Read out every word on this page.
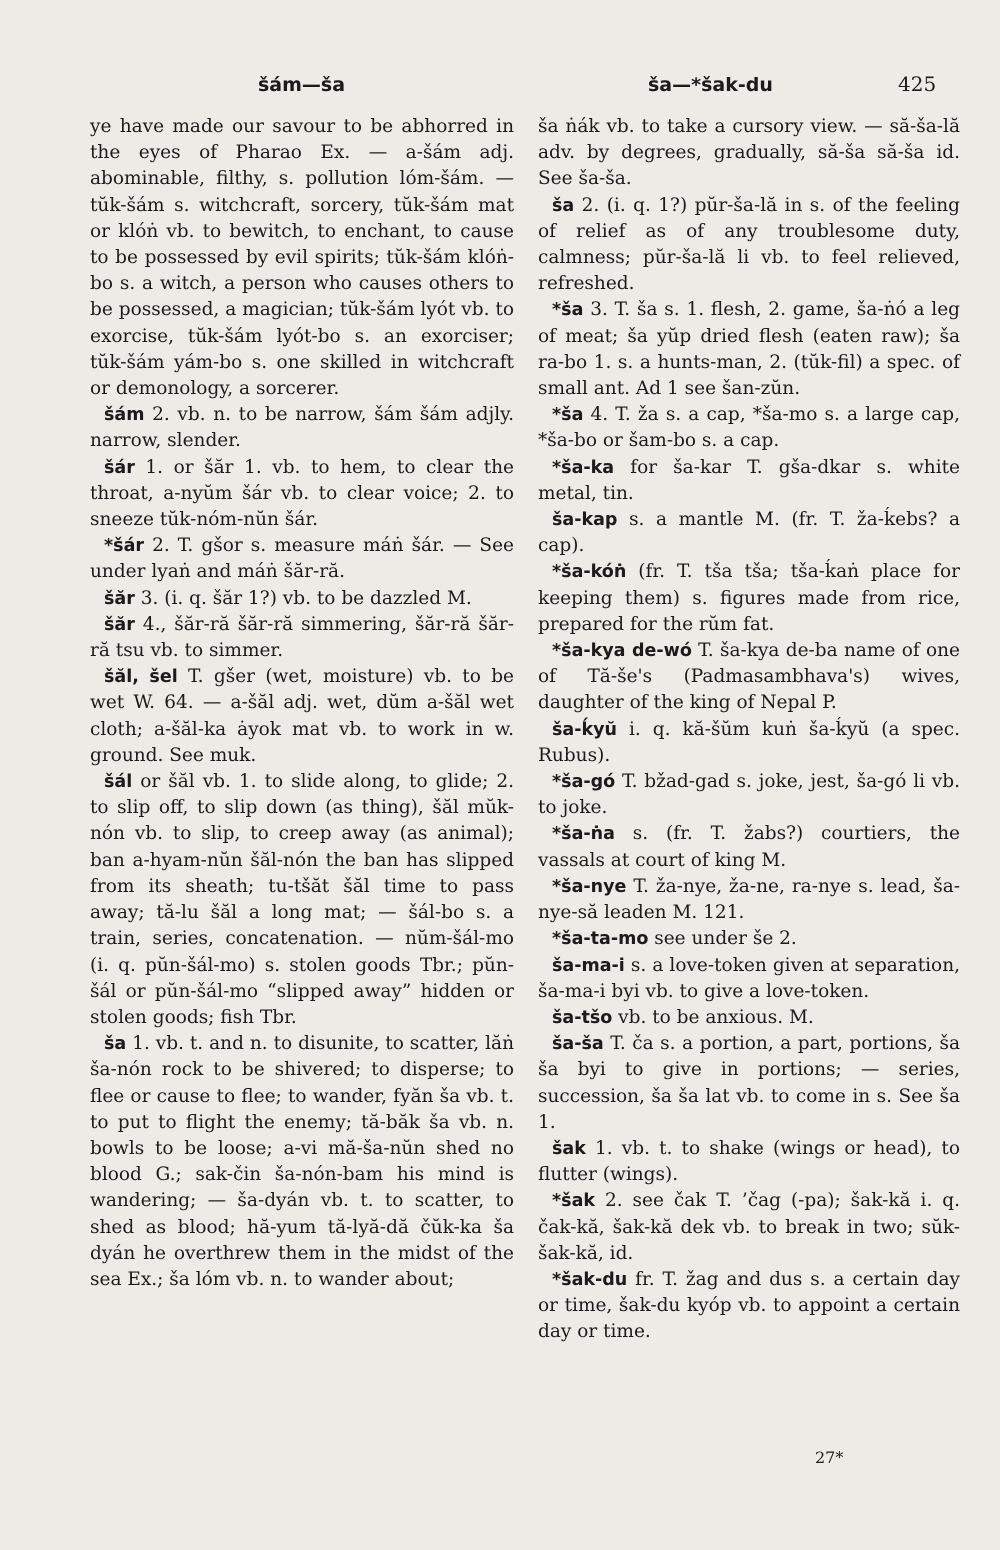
šám—ša	ša—*šak-du	425

ye have made our savour to be abhorred in the eyes of Pharao Ex. — a-šám adj. abominable, filthy, s. pollution lóm-šám. — tŭk-šám s. witchcraft, sorcery, tŭk-šám mat or klóṅ vb. to bewitch, to enchant, to cause to be possessed by evil spirits; tŭk-šám klóṅ-bo s. a witch, a person who causes others to be possessed, a magician; tŭk-šám lyót vb. to exorcise, tŭk-šám lyót-bo s. an exorciser; tŭk-šám yám-bo s. one skilled in witchcraft or demonology, a sorcerer.

šám 2. vb. n. to be narrow, šám šám adjly. narrow, slender.

šár 1. or šăr 1. vb. to hem, to clear the throat, a-nyŭm šár vb. to clear voice; 2. to sneeze tŭk-nóm-nŭn šár.

*šár 2. T. gšor s. measure máṅ šár. — See under lyaṅ and máṅ šăr-ră.

šăr 3. (i. q. šăr 1?) vb. to be dazzled M.

šăr 4., šăr-ră šăr-ră simmering, šăr-ră šăr-ră tsu vb. to simmer.

šăl, šel T. gšer (wet, moisture) vb. to be wet W. 64. — a-šăl adj. wet, dŭm a-šăl wet cloth; a-šăl-ka ȧyok mat vb. to work in w. ground. See muk.

šál or šăl vb. 1. to slide along, to glide; 2. to slip off, to slip down (as thing), šăl mŭk-nón vb. to slip, to creep away (as animal); ban a-hyam-nŭn šăl-nón the ban has slipped from its sheath; tu-tšăt šăl time to pass away; tă-lu šăl a long mat; — šál-bo s. a train, series, concatenation. — nŭm-šál-mo (i. q. pŭn-šál-mo) s. stolen goods Tbr.; pŭn-šál or pŭn-šál-mo “slipped away” hidden or stolen goods; fish Tbr.

ša 1. vb. t. and n. to disunite, to scatter, lăṅ ša-nón rock to be shivered; to disperse; to flee or cause to flee; to wander, fyăn ša vb. t. to put to flight the enemy; tă-băk ša vb. n. bowls to be loose; a-vi mă-ša-nŭn shed no blood G.; sak-čin ša-nón-bam his mind is wandering; — ša-dyán vb. t. to scatter, to shed as blood; hă-yum tă-lyă-dă čŭk-ka ša dyán he overthrew them in the midst of the sea Ex.; ša lóm vb. n. to wander about;

ša ṅák vb. to take a cursory view. — să-ša-lă adv. by degrees, gradually, să-ša să-ša id. See ša-ša.

ša 2. (i. q. 1?) pŭr-ša-lă in s. of the feeling of relief as of any troublesome duty, calmness; pŭr-ša-lă li vb. to feel relieved, refreshed.

*ša 3. T. ša s. 1. flesh, 2. game, ša-ṅó a leg of meat; ša yŭp dried flesh (eaten raw); ša ra-bo 1. s. a hunts-man, 2. (tŭk-fil) a spec. of small ant. Ad 1 see šan-zŭn.

*ša 4. T. ža s. a cap, *ša-mo s. a large cap, *ša-bo or šam-bo s. a cap.

*ša-ka for ša-kar T. gša-dkar s. white metal, tin.

ša-kap s. a mantle M. (fr. T. ža-ḱebs? a cap).

*ša-kóṅ (fr. T. tša tša; tša-ḱaṅ place for keeping them) s. figures made from rice, prepared for the rŭm fat.

*ša-kya de-wó T. ša-kya de-ba name of one of Tă-še's (Padmasambhava's) wives, daughter of the king of Nepal P.

ša-ḱyŭ i. q. kă-šŭm kuṅ ša-ḱyŭ (a spec. Rubus).

*ša-gó T. bžad-gad s. joke, jest, ša-gó li vb. to joke.

*ša-ṅa s. (fr. T. žabs?) courtiers, the vassals at court of king M.

*ša-nye T. ža-nye, ža-ne, ra-nye s. lead, ša-nye-să leaden M. 121.

*ša-ta-mo see under še 2.

ša-ma-i s. a love-token given at separation, ša-ma-i byi vb. to give a love-token.

ša-tšo vb. to be anxious. M.

ša-ša T. ča s. a portion, a part, portions, ša ša byi to give in portions; — series, succession, ša ša lat vb. to come in s. See ša 1.

šak 1. vb. t. to shake (wings or head), to flutter (wings).

*šak 2. see čak T. ’čag (-pa); šak-kă i. q. čak-kă, šak-kă dek vb. to break in two; sŭk-šak-kă, id.

*šak-du fr. T. žag and dus s. a certain day or time, šak-du kyóp vb. to appoint a certain day or time.

27*
